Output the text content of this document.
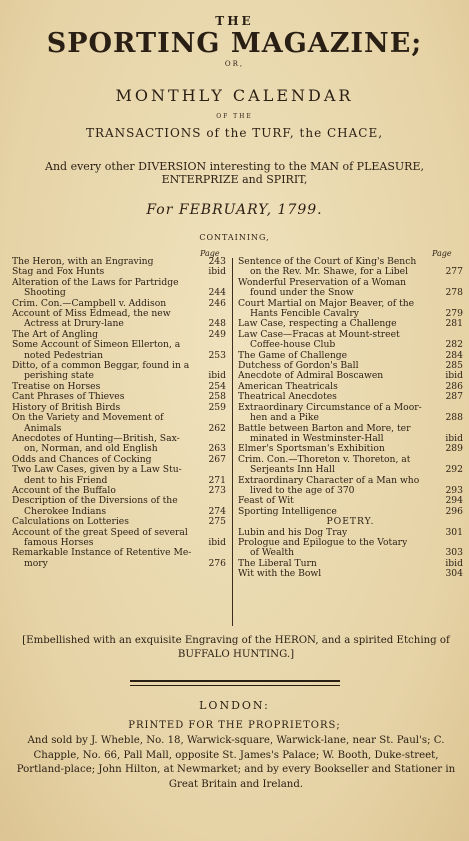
THE
SPORTING MAGAZINE;
OR,
MONTHLY CALENDAR
OF THE
TRANSACTIONS of the TURF, the CHACE,
And every other DIVERSION interesting to the MAN of PLEASURE,
ENTERPRIZE and SPIRIT,
For FEBRUARY, 1799.
CONTAINING,
Page	Page
The Heron, with an Engraving	243
Stag and Fox Hunts	ibid
Alteration of the Laws for Partridge
Shooting	244
Crim. Con.—Campbell v. Addison	246
Account of Miss Edmead, the new
Actress at Drury-lane	248
The Art of Angling	249
Some Account of Simeon Ellerton, a
noted Pedestrian	253
Ditto, of a common Beggar, found in a
perishing state	ibid
Treatise on Horses	254
Cant Phrases of Thieves	258
History of British Birds	259
On the Variety and Movement of
Animals	262
Anecdotes of Hunting—British, Sax-
on, Norman, and old English	263
Odds and Chances of Cocking	267
Two Law Cases, given by a Law Stu-
dent to his Friend	271
Account of the Buffalo	273
Description of the Diversions of the
Cherokee Indians	274
Calculations on Lotteries	275
Account of the great Speed of several
famous Horses	ibid
Remarkable Instance of Retentive Me-
mory	276
Sentence of the Court of King's Bench
on the Rev. Mr. Shawe, for a Libel	277
Wonderful Preservation of a Woman
found under the Snow	278
Court Martial on Major Beaver, of the
Hants Fencible Cavalry	279
Law Case, respecting a Challenge	281
Law Case—Fracas at Mount-street
Coffee-house Club	282
The Game of Challenge	284
Dutchess of Gordon's Ball	285
Anecdote of Admiral Boscawen	ibid
American Theatricals	286
Theatrical Anecdotes	287
Extraordinary Circumstance of a Moor-
hen and a Pike	288
Battle between Barton and More, ter
minated in Westminster-Hall	ibid
Elmer's Sportsman's Exhibition	289
Crim. Con.—Thoreton v. Thoreton, at
Serjeants Inn Hall	292
Extraordinary Character of a Man who
lived to the age of 370	293
Feast of Wit	294
Sporting Intelligence	296
POETRY.
Lubin and his Dog Tray	301
Prologue and Epilogue to the Votary
of Wealth	303
The Liberal Turn	ibid
Wit with the Bowl	304
[Embellished with an exquisite Engraving of the HERON, and a spirited Etching of BUFFALO HUNTING.]
LONDON:
PRINTED FOR THE PROPRIETORS;
And sold by J. Wheble, No. 18, Warwick-square, Warwick-lane, near St. Paul's; C. Chapple, No. 66, Pall Mall, opposite St. James's Palace; W. Booth, Duke-street, Portland-place; John Hilton, at Newmarket; and by every Bookseller and Stationer in Great Britain and Ireland.
